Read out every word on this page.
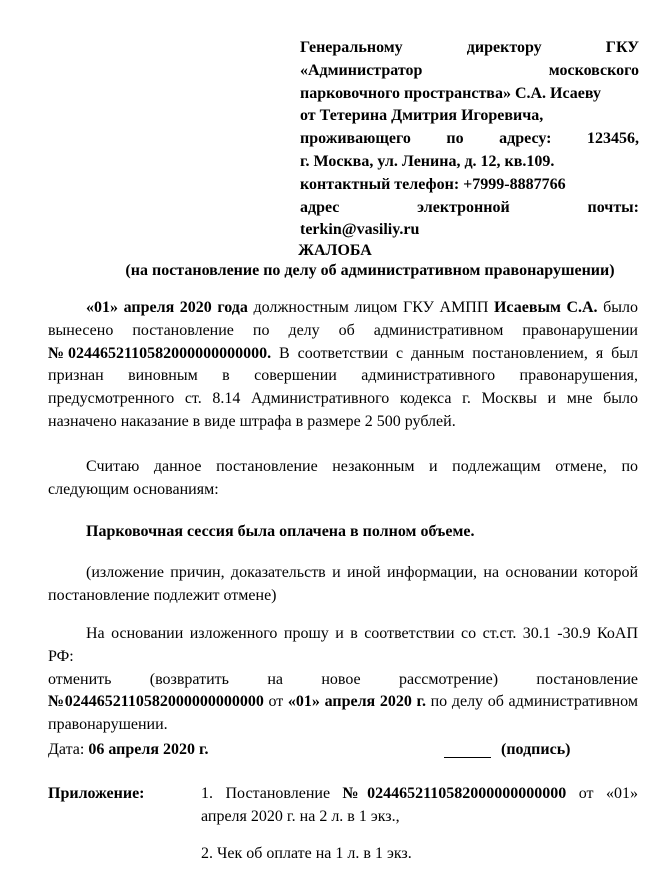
Генеральному	директору	ГКУ
«Администратор	московского
парковочного пространства» С.А. Исаеву
от Тетерина Дмитрия Игоревича,
проживающего по адресу: 123456,
г. Москва, ул. Ленина, д. 12, кв.109.
контактный телефон: +7999-8887766
адрес	электронной	почты:
terkin@vasiliy.ru
ЖАЛОБА
(на постановление по делу об административном правонарушении)

«01» апреля 2020 года должностным лицом ГКУ АМПП Исаевым С.А. было вынесено постановление по делу об административном правонарушении №0244652110582000000000000. В соответствии с данным постановлением, я был признан виновным в совершении административного правонарушения, предусмотренного ст. 8.14 Административного кодекса г. Москвы и мне было назначено наказание в виде штрафа в размере 2 500 рублей.

Считаю данное постановление незаконным и подлежащим отмене, по следующим основаниям:

Парковочная сессия была оплачена в полном объеме.

(изложение причин, доказательств и иной информации, на основании которой постановление подлежит отмене)

На основании изложенного прошу и в соответствии со ст.ст. 30.1 -30.9 КоАП РФ:

отменить (возвратить на новое рассмотрение) постановление №0244652110582000000000000 от «01» апреля 2020 г. по делу об административном правонарушении.

Дата: 06 апреля 2020 г.	(подпись)
Приложение:	1. Постановление №0244652110582000000000000 от «01» апреля 2020 г. на 2 л. в 1 экз.,
2. Чек об оплате на 1 л. в 1 экз.
